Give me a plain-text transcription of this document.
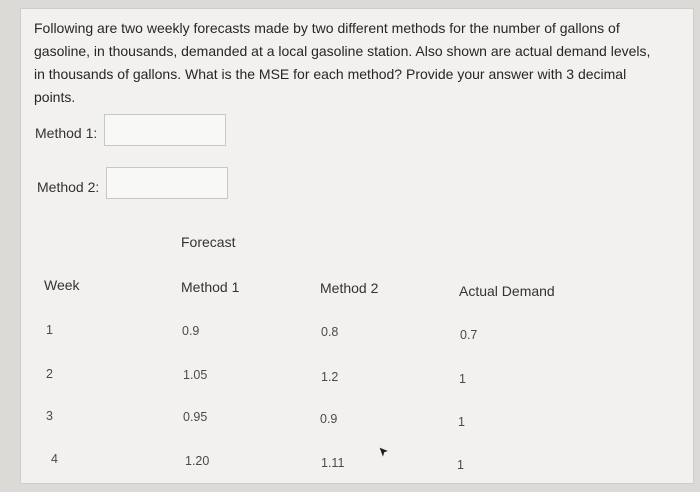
Following are two weekly forecasts made by two different methods for the number of gallons of gasoline, in thousands, demanded at a local gasoline station. Also shown are actual demand levels, in thousands of gallons. What is the MSE for each method? Provide your answer with 3 decimal points.
Method 1:
Method 2:
Forecast
Week	Method 1	Method 2	Actual Demand
1	0.9	0.8	0.7
2	1.05	1.2	1
3	0.95	0.9	1
4	1.20	1.11	1
